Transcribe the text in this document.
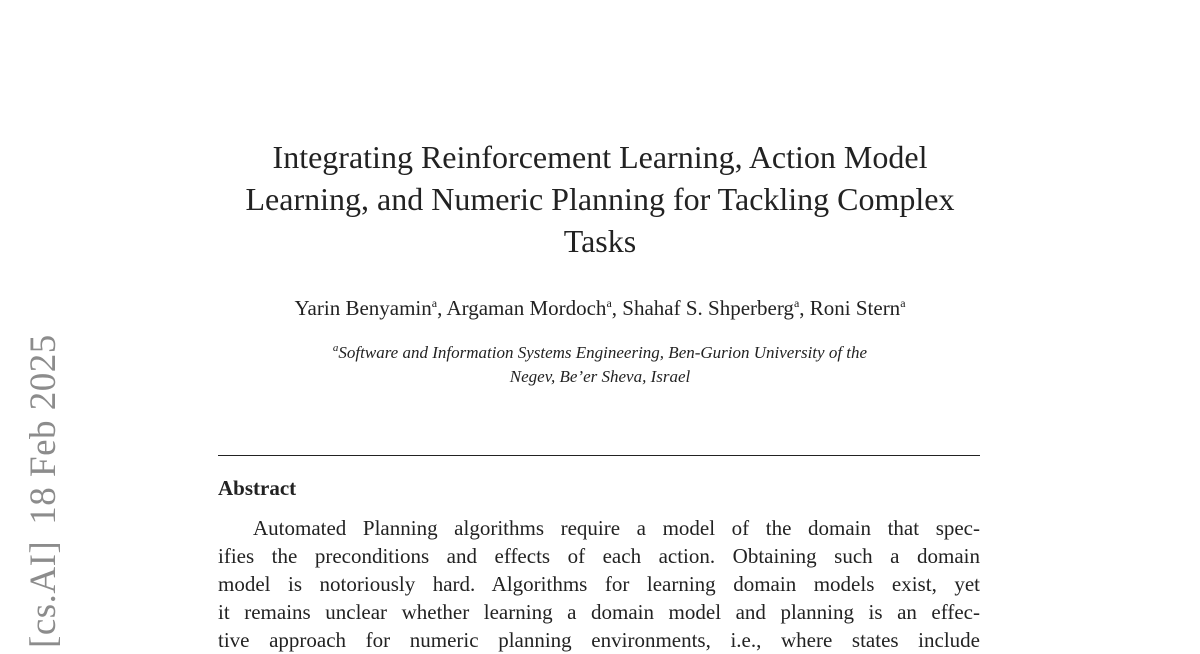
[cs.AI]18 Feb 2025
Integrating Reinforcement Learning, Action Model
Learning, and Numeric Planning for Tackling Complex
Tasks
Yarin Benyamin$^a$, Argaman Mordoch$^a$, Shahaf S. Shperberg$^a$, Roni Stern$^a$
$^a$Software and Information Systems Engineering, Ben-Gurion University of the
Negev, Be’er Sheva, Israel
Abstract
Automated Planning algorithms require a model of the domain that spec-
ifies the preconditions and effects of each action. Obtaining such a domain
model is notoriously hard. Algorithms for learning domain models exist, yet
it remains unclear whether learning a domain model and planning is an effec-
tive approach for numeric planning environments, i.e., where states include
